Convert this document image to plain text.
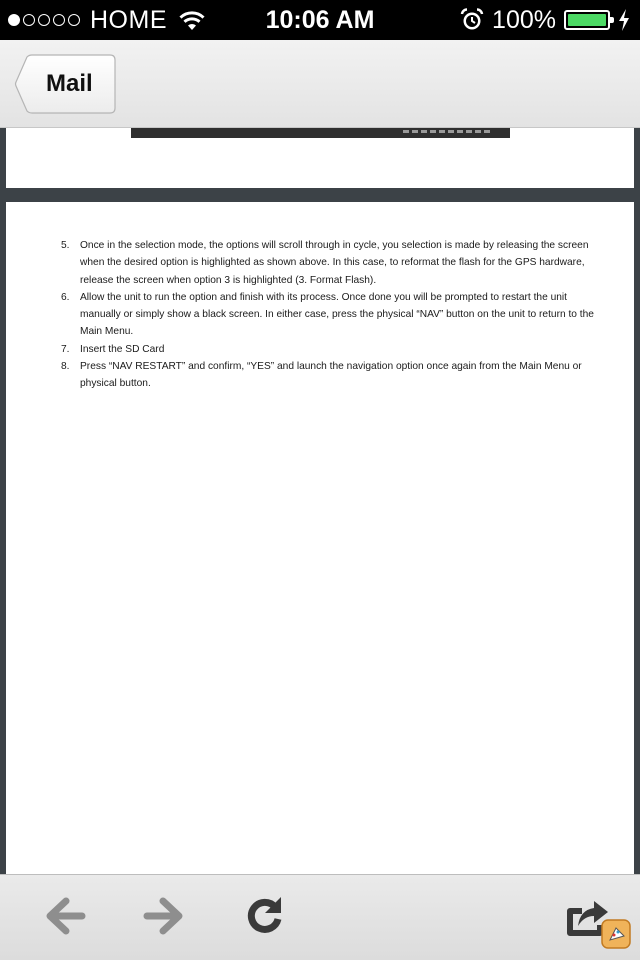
HOME	10:06 AM	100%
Mail
5. Once in the selection mode, the options will scroll through in cycle, you selection is made by releasing the screen when the desired option is highlighted as shown above. In this case, to reformat the flash for the GPS hardware, release the screen when option 3 is highlighted (3. Format Flash).
6. Allow the unit to run the option and finish with its process. Once done you will be prompted to restart the unit manually or simply show a black screen. In either case, press the physical “NAV” button on the unit to return to the Main Menu.
7. Insert the SD Card
8. Press “NAV RESTART” and confirm, “YES” and launch the navigation option once again from the Main Menu or physical button.
